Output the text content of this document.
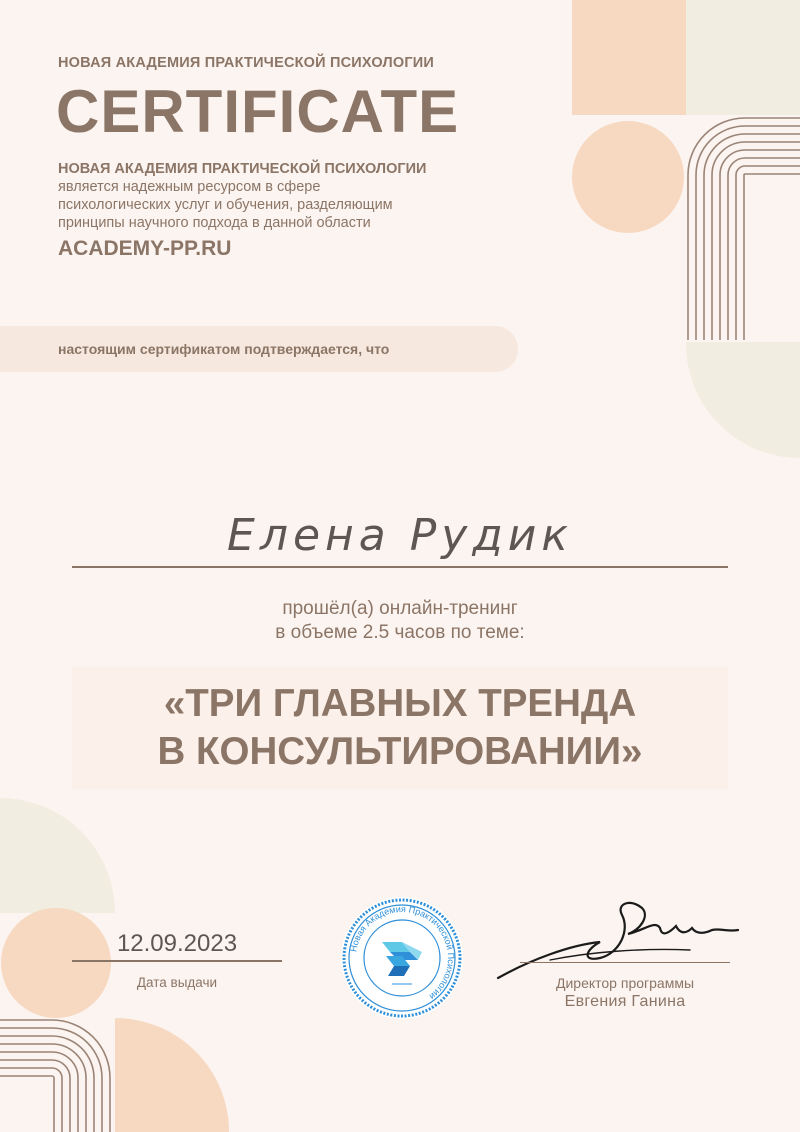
НОВАЯ АКАДЕМИЯ ПРАКТИЧЕСКОЙ ПСИХОЛОГИИ
CERTIFICATE
НОВАЯ АКАДЕМИЯ ПРАКТИЧЕСКОЙ ПСИХОЛОГИИ
является надежным ресурсом в сфере
психологических услуг и обучения, разделяющим
принципы научного подхода в данной области
ACADEMY-PP.RU
настоящим сертификатом подтверждается, что
Елена Рудик
прошёл(а) онлайн-тренинг
в объеме 2.5 часов по теме:
«ТРИ ГЛАВНЫХ ТРЕНДА
В КОНСУЛЬТИРОВАНИИ»
12.09.2023
Дата выдачи
Новая Академия Практической Психологии
Директор программы
Евгения Ганина
